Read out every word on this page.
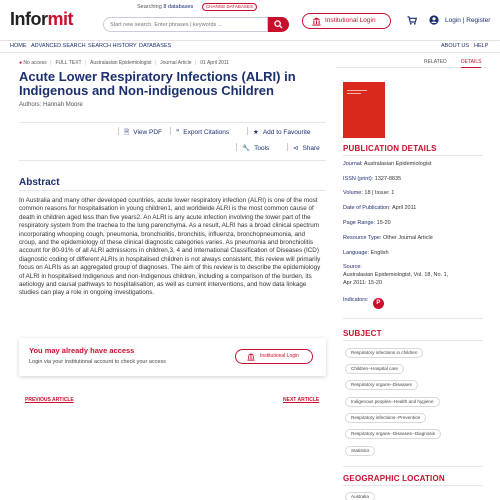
Informit
Searching 8 databases	CHANGE DATABASES
Start new search. Enter phrases | keywords ...
Institutional Login	Login | Register
HOME ADVANCED SEARCH SEARCH HISTORY DATABASES	ABOUT US HELP
● No access | FULL TEXT | Australasian Epidemiologist | Journal Article | 01 April 2011
Acute Lower Respiratory Infections (ALRI) in Indigenous and Non-indigenous Children
Authors: Hannah Moore
🗎 View PDF	” Export Citations	★ Add to Favourite
🔧 Tools	⊲ Share
Abstract

In Australia and many other developed countries, acute lower respiratory infection (ALRI) is one of the most common reasons for hospitalisation in young children1, and worldwide ALRI is the most common cause of death in children aged less than five years2. An ALRI is any acute infection involving the lower part of the respiratory system from the trachea to the lung parenchyma. As a result, ALRI has a broad clinical spectrum incorporating whooping cough, pneumonia, bronchiolitis, bronchitis, influenza, bronchopneumonia, and croup, and the epidemiology of these clinical diagnostic categories varies. As pneumonia and bronchiolitis account for 80-91% of all ALRI admissions in children,3, 4 and International Classification of Diseases (ICD) diagnostic coding of different ALRIs in hospitalised children is not always consistent, this review will primarily focus on ALRIs as an aggregated group of diagnoses. The aim of this review is to describe the epidemiology of ALRI in hospitalised Indigenous and non-Indigenous children, including a comparison of the burden, its aetiology and causal pathways to hospitalisation, as well as current interventions, and how data linkage studies can play a role in ongoing investigations.

You may already have access
Login via your institutional account to check your access
Institutional Login
PREVIOUS ARTICLE	NEXT ARTICLE
RELATED	DETAILS
PUBLICATION DETAILS
Journal: Australasian Epidemiologist
ISSN (print): 1327-8835
Volume: 18 | Issue: 1
Date of Publication: April 2011
Page Range: 15-20
Resource Type: Other Journal Article
Language: English
Source:
Australasian Epidemiologist, Vol. 18, No. 1,
Apr 2011: 15-20
Indicators: P
SUBJECT
Respiratory infections in children
Children--Hospital care
Respiratory organs--Diseases
Indigenous peoples--Health and hygiene
Respiratory infections--Prevention
Respiratory organs--Diseases--Diagnosis
Statistics
GEOGRAPHIC LOCATION
Australia
